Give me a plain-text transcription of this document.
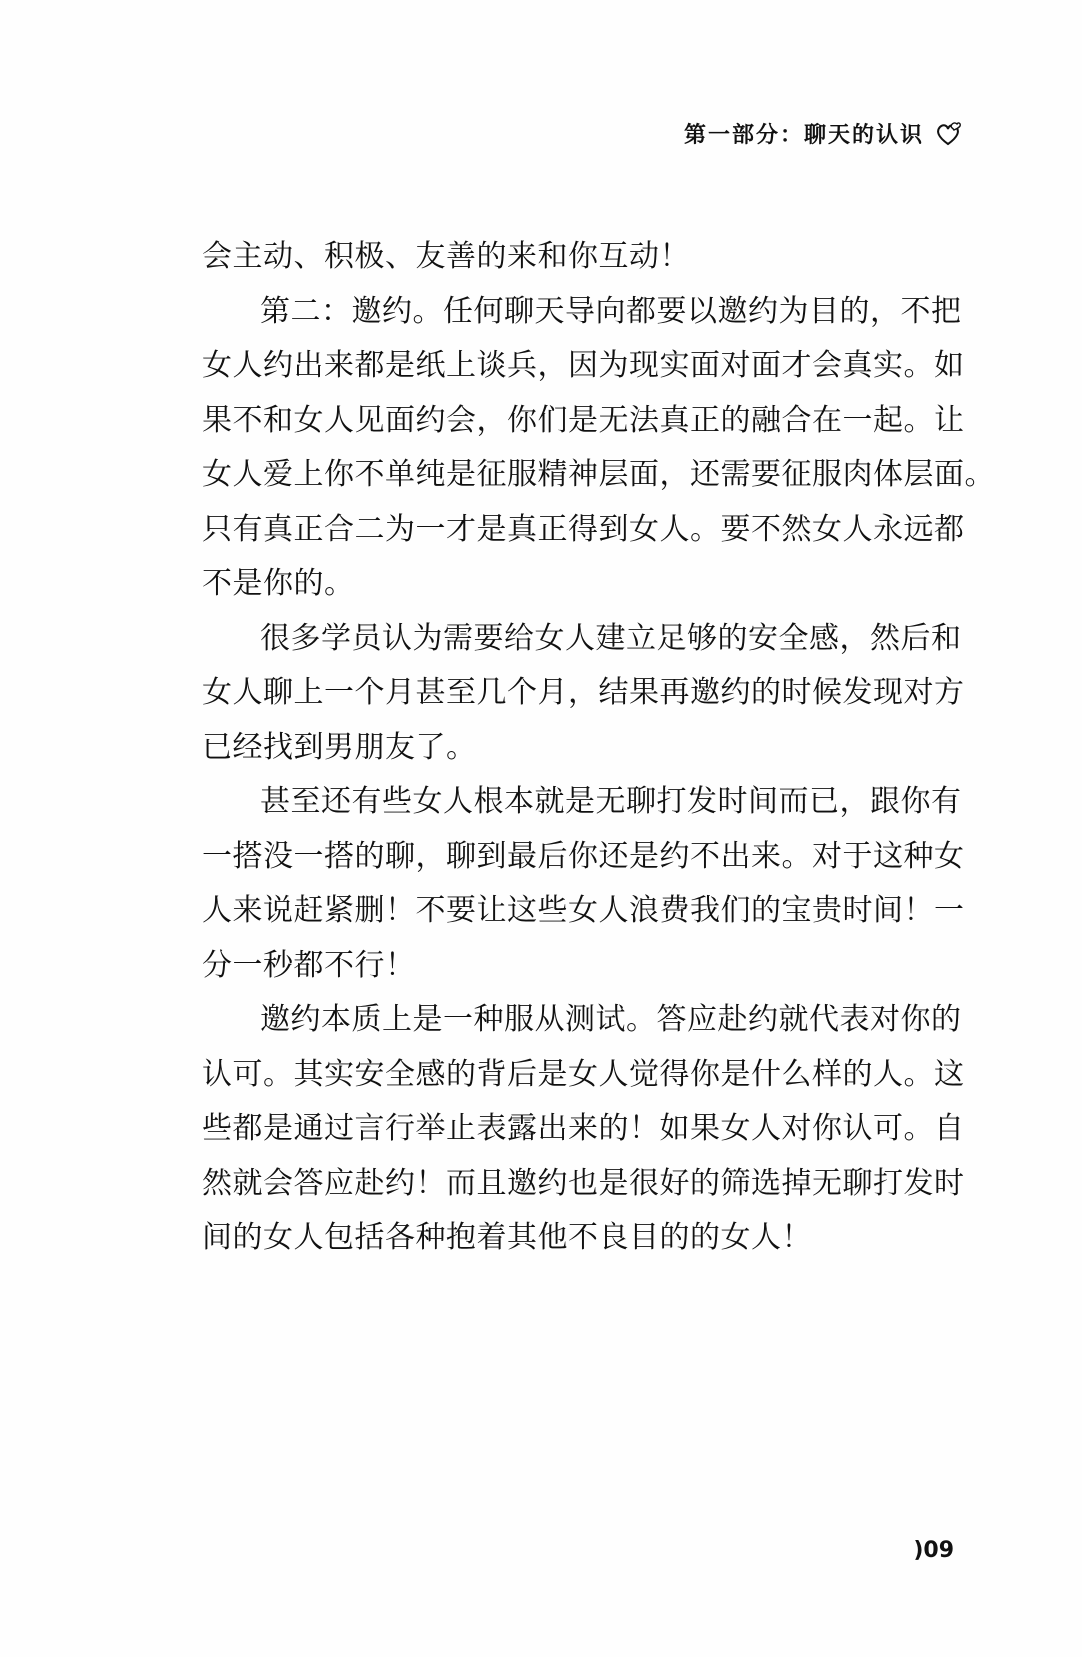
第一部分：聊天的认识
会主动、积极、友善的来和你互动！
第二：邀约。任何聊天导向都要以邀约为目的，不把
女人约出来都是纸上谈兵，因为现实面对面才会真实。如
果不和女人见面约会，你们是无法真正的融合在一起。让
女人爱上你不单纯是征服精神层面，还需要征服肉体层面。
只有真正合二为一才是真正得到女人。要不然女人永远都
不是你的。
很多学员认为需要给女人建立足够的安全感，然后和
女人聊上一个月甚至几个月，结果再邀约的时候发现对方
已经找到男朋友了。
甚至还有些女人根本就是无聊打发时间而已，跟你有
一搭没一搭的聊，聊到最后你还是约不出来。对于这种女
人来说赶紧删！不要让这些女人浪费我们的宝贵时间！一
分一秒都不行！
邀约本质上是一种服从测试。答应赴约就代表对你的
认可。其实安全感的背后是女人觉得你是什么样的人。这
些都是通过言行举止表露出来的！如果女人对你认可。自
然就会答应赴约！而且邀约也是很好的筛选掉无聊打发时
间的女人包括各种抱着其他不良目的的女人！
)09
